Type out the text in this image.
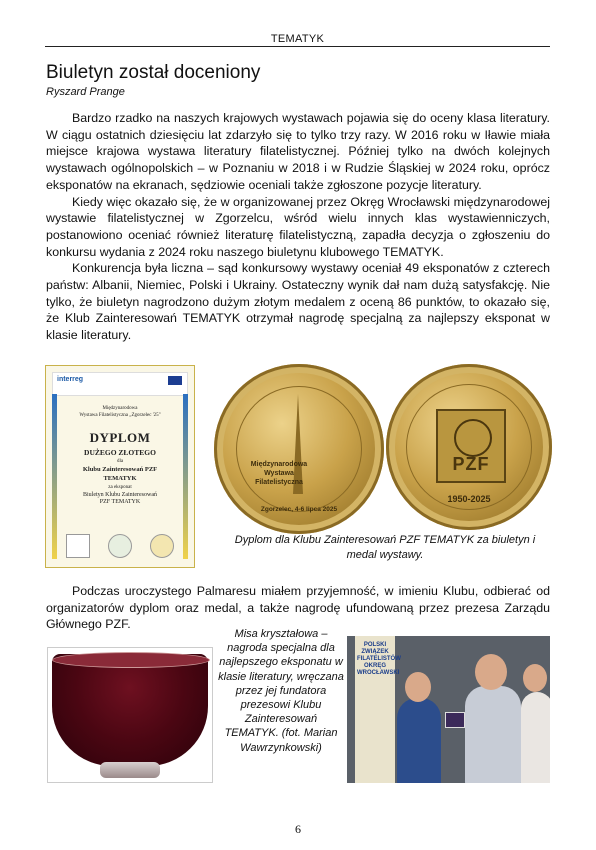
TEMATYK
Biuletyn został doceniony
Ryszard Prange

Bardzo rzadko na naszych krajowych wystawach pojawia się do oceny klasa literatury. W ciągu ostatnich dziesięciu lat zdarzyło się to tylko trzy razy. W 2016 roku w Iławie miała miejsce krajowa wystawa literatury filatelistycznej. Później tylko na dwóch kolejnych wystawach ogólnopolskich – w Poznaniu w 2018 i w Rudzie Śląskiej w 2024 roku, oprócz eksponatów na ekranach, sędziowie oceniali także zgłoszone pozycje literatury.

Kiedy więc okazało się, że w organizowanej przez Okręg Wrocławski międzynarodowej wystawie filatelistycznej w Zgorzelcu, wśród wielu innych klas wystawienniczych, postanowiono oceniać również literaturę filatelistyczną, zapadła decyzja o zgłoszeniu do konkursu wydania z 2024 roku naszego biuletynu klubowego TEMATYK.

Konkurencja była liczna – sąd konkursowy wystawy oceniał 49 eksponatów z czterech państw: Albanii, Niemiec, Polski i Ukrainy. Ostateczny wynik dał nam dużą satysfakcję. Nie tylko, że biuletyn nagrodzono dużym złotym medalem z oceną 86 punktów, to okazało się, że Klub Zainteresowań TEMATYK otrzymał nagrodę specjalną za najlepszy eksponat w klasie literatury.

interreg
Międzynarodowa
Wystawa Filatelistyczna „Zgorzelec '25"
DYPLOM
DUŻEGO ZŁOTEGO
dla
Klubu Zainteresowań PZF
TEMATYK
za eksponat
Biuletyn Klubu Zainteresowań
PZF TEMATYK
Międzynarodowa Wystawa Filatelistyczna
Zgorzelec, 4-6 lipca 2025
PZF
1950-2025
Dyplom dla Klubu Zainteresowań PZF TEMATYK za biuletyn i medal wystawy.

Podczas uroczystego Palmaresu miałem przyjemność, w imieniu Klubu, odbierać od organizatorów dyplom oraz medal, a także nagrodę ufundowaną przez prezesa Zarządu Głównego PZF.

Misa kryształowa – nagroda specjalna dla najlepszego eksponatu w klasie literatury, wręczana przez jej fundatora prezesowi Klubu Zainteresowań TEMATYK. (fot. Marian Wawrzynkowski)
POLSKI ZWIĄZEK FILATELISTÓW OKRĘG WROCŁAWSKI
6
